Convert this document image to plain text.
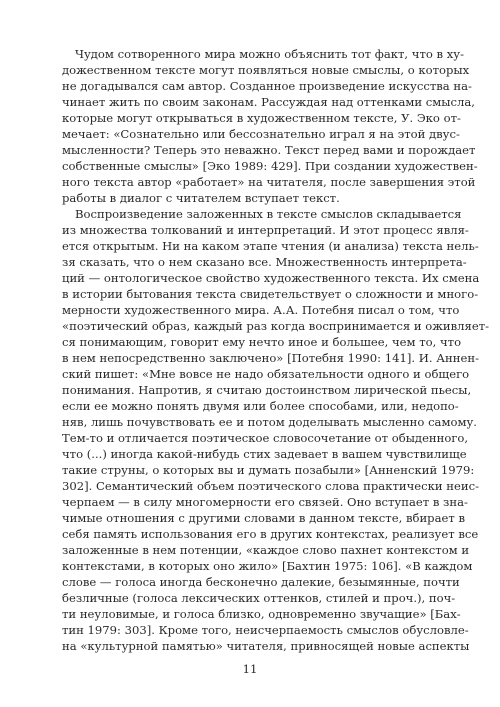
Чудом сотворенного мира можно объяснить тот факт, что в ху-
дожественном тексте могут появляться новые смыслы, о которых
не догадывался сам автор. Созданное произведение искусства на-
чинает жить по своим законам. Рассуждая над оттенками смысла,
которые могут открываться в художественном тексте, У. Эко от-
мечает: «Сознательно или бессознательно играл я на этой двус-
мысленности? Теперь это неважно. Текст перед вами и порождает
собственные смыслы» [Эко 1989: 429]. При создании художествен-
ного текста автор «работает» на читателя, после завершения этой
работы в диалог с читателем вступает текст.
Воспроизведение заложенных в тексте смыслов складывается
из множества толкований и интерпретаций. И этот процесс явля-
ется открытым. Ни на каком этапе чтения (и анализа) текста нель-
зя сказать, что о нем сказано все. Множественность интерпрета-
ций — онтологическое свойство художественного текста. Их смена
в истории бытования текста свидетельствует о сложности и много-
мерности художественного мира. А.А. Потебня писал о том, что
«поэтический образ, каждый раз когда воспринимается и оживляет-
ся понимающим, говорит ему нечто иное и большее, чем то, что
в нем непосредственно заключено» [Потебня 1990: 141]. И. Аннен-
ский пишет: «Мне вовсе не надо обязательности одного и общего
понимания. Напротив, я считаю достоинством лирической пьесы,
если ее можно понять двумя или более способами, или, недопо-
няв, лишь почувствовать ее и потом доделывать мысленно самому.
Тем-то и отличается поэтическое словосочетание от обыденного,
что (...) иногда какой-нибудь стих задевает в вашем чувствилище
такие струны, о которых вы и думать позабыли» [Анненский 1979:
302]. Семантический объем поэтического слова практически неис-
черпаем — в силу многомерности его связей. Оно вступает в зна-
чимые отношения с другими словами в данном тексте, вбирает в
себя память использования его в других контекстах, реализует все
заложенные в нем потенции, «каждое слово пахнет контекстом и
контекстами, в которых оно жило» [Бахтин 1975: 106]. «В каждом
слове — голоса иногда бесконечно далекие, безымянные, почти
безличные (голоса лексических оттенков, стилей и проч.), поч-
ти неуловимые, и голоса близко, одновременно звучащие» [Бах-
тин 1979: 303]. Кроме того, неисчерпаемость смыслов обусловле-
на «культурной памятью» читателя, привносящей новые аспекты
11
